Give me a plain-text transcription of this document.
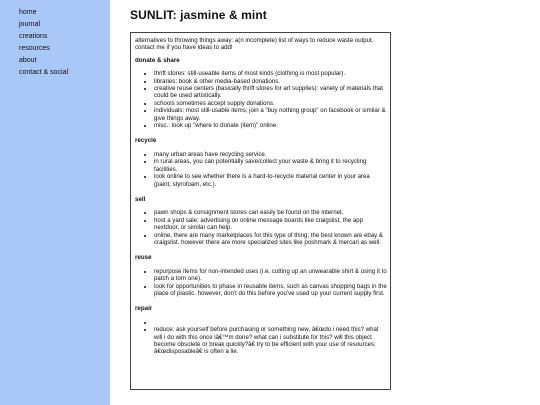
home
journal
creations
resources
about
contact & social
SUNLIT: jasmine & mint

alternatives to throwing things away: a(n incomplete) list of ways to reduce waste output. contact me if you have ideas to add!

donate & share
• thrift stores: still-useable items of most kinds (clothing is most popular).
• libraries: book & other media-based donations.
• creative reuse centers (basically thrift stores for art supplies): variety of materials that could be used artistically.
• schools sometimes accept supply donations.
• individuals: most still-usable items; join a "buy nothing group" on facebook or similar & give things away.
• misc.: look up "where to donate (item)" online.
recycle
• many urban areas have recycling service.
• in rural areas, you can potentially save/collect your waste & bring it to recycling facilities.
• look online to see whether there is a hard-to-recycle material center in your area (paint, styrofoam, etc.).
sell
• pawn shops & consignment stores can easily be found on the internet.
• host a yard sale; advertising on online message boards like craigslist, the app nextdoor, or similar can help.
• online, there are many marketplaces for this type of thing; the best known are ebay & craigslist. however there are more specialized sites like poshmark & mercari as well.
reuse
• repurpose items for non-intended uses (i.e. cutting up an unwearable shirt & using it to patch a torn one).
• look for opportunities to phase in reusable items, such as canvas shopping bags in the place of plastic. however, don't do this before you've used up your current supply first.
repair
•
• reduce: ask yourself before purchasing or something new, â€œdo i need this? what will i do with this once iâ€™m done? what can i substitute for this? will this object become obsolete or break quickly?â€ try to be efficient with your use of resources; â€œdisposableâ€ is often a lie.
